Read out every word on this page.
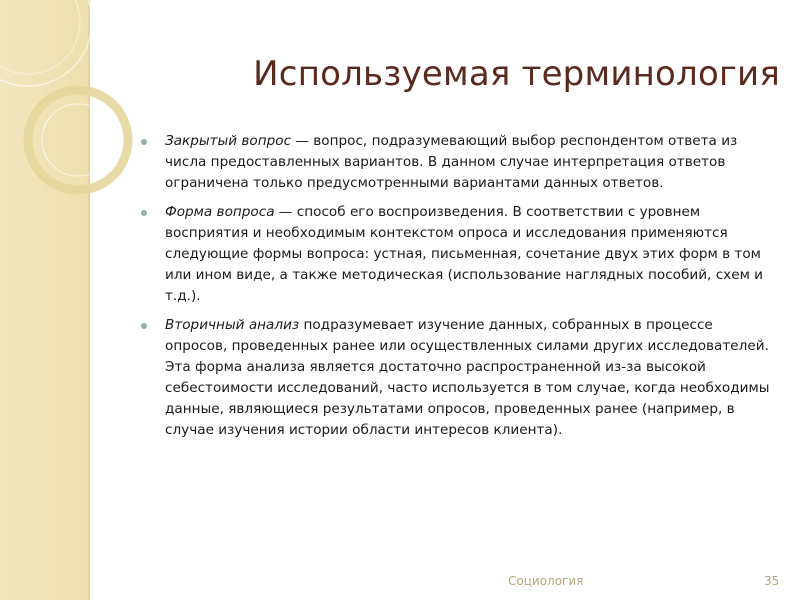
Используемая терминология
Закрытый вопрос — вопрос, подразумевающий выбор респондентом ответа из числа предоставленных вариантов. В данном случае интерпретация ответов ограничена только предусмотренными вариантами данных ответов.
Форма вопроса — способ его воспроизведения. В соответствии с уровнем восприятия и необходимым контекстом опроса и исследования применяются следующие формы вопроса: устная, письменная, сочетание двух этих форм в том или ином виде, а также методическая (использование наглядных пособий, схем и т.д.).
Вторичный анализ подразумевает изучение данных, собранных в процессе опросов, проведенных ранее или осуществленных силами других исследователей. Эта форма анализа является достаточно распространенной из-за высокой себестоимости исследований, часто используется в том случае, когда необходимы данные, являющиеся результатами опросов, проведенных ранее (например, в случае изучения истории области интересов клиента).
Социология	35
